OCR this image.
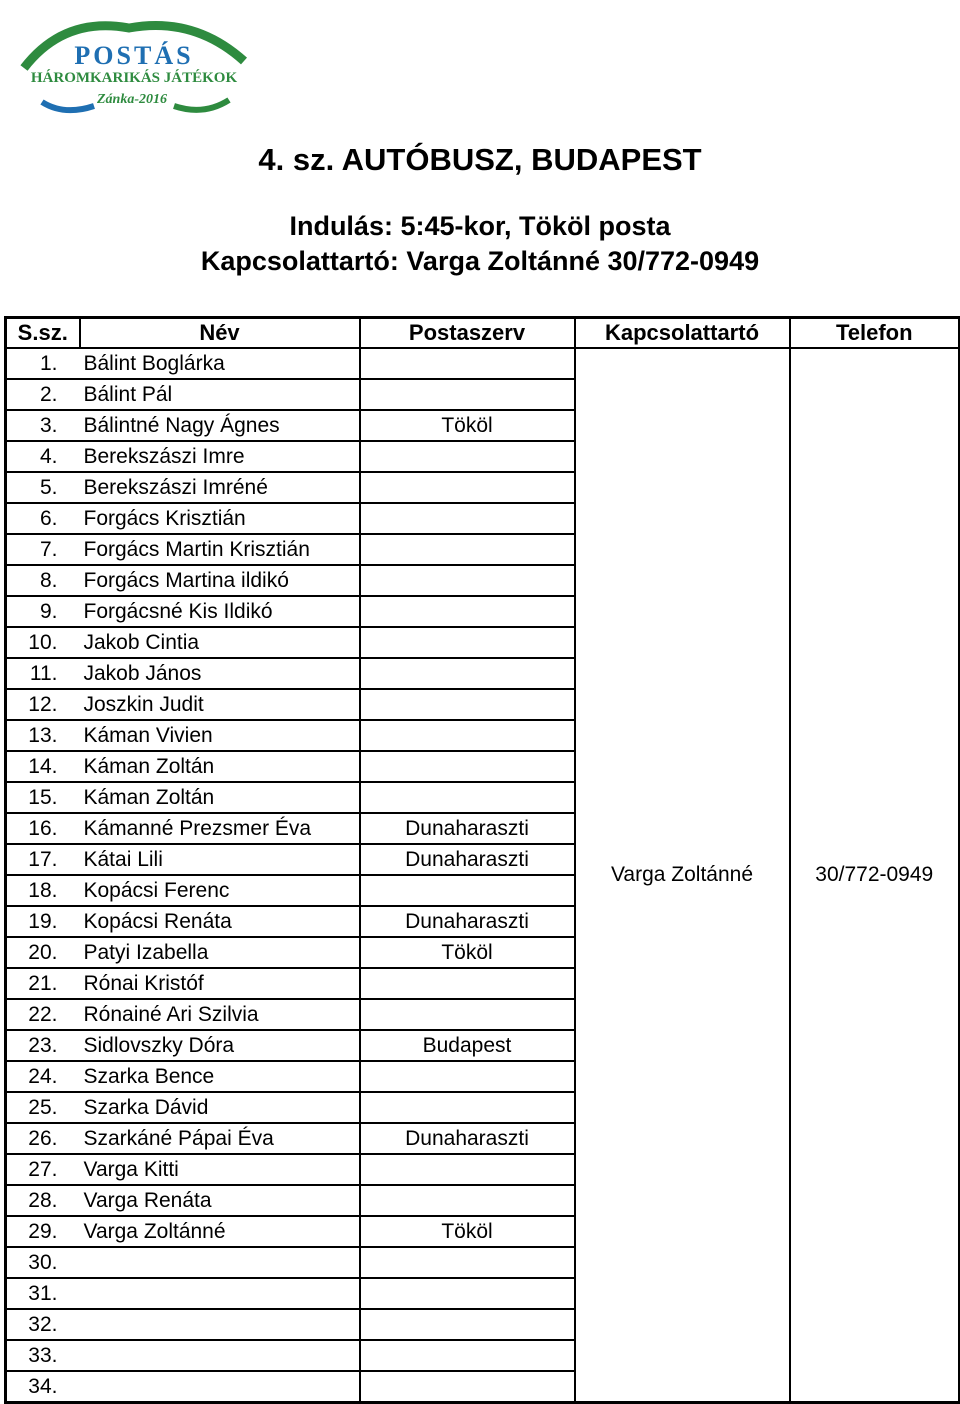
POSTÁS
HÁROMKARIKÁS JÁTÉKOK
Zánka-2016
4. sz. AUTÓBUSZ, BUDAPEST
Indulás: 5:45-kor, Tököl posta
Kapcsolattartó: Varga Zoltánné 30/772-0949
S.sz.	Név	Postaszerv	Kapcsolattartó	Telefon
1.	Bálint Boglárka		Varga Zoltánné	30/772-0949
2.	Bálint Pál			
3.	Bálintné Nagy Ágnes	Tököl		
4.	Berekszászi Imre			
5.	Berekszászi Imréné			
6.	Forgács Krisztián			
7.	Forgács Martin Krisztián			
8.	Forgács Martina ildikó			
9.	Forgácsné Kis Ildikó			
10.	Jakob Cintia			
11.	Jakob János			
12.	Joszkin Judit			
13.	Káman Vivien			
14.	Káman Zoltán			
15.	Káman Zoltán			
16.	Kámanné Prezsmer Éva	Dunaharaszti		
17.	Kátai Lili	Dunaharaszti		
18.	Kopácsi Ferenc			
19.	Kopácsi Renáta	Dunaharaszti		
20.	Patyi Izabella	Tököl		
21.	Rónai Kristóf			
22.	Rónainé Ari Szilvia			
23.	Sidlovszky Dóra	Budapest		
24.	Szarka Bence			
25.	Szarka Dávid			
26.	Szarkáné Pápai Éva	Dunaharaszti		
27.	Varga Kitti			
28.	Varga Renáta			
29.	Varga Zoltánné	Tököl		
30.				
31.				
32.				
33.				
34.				
